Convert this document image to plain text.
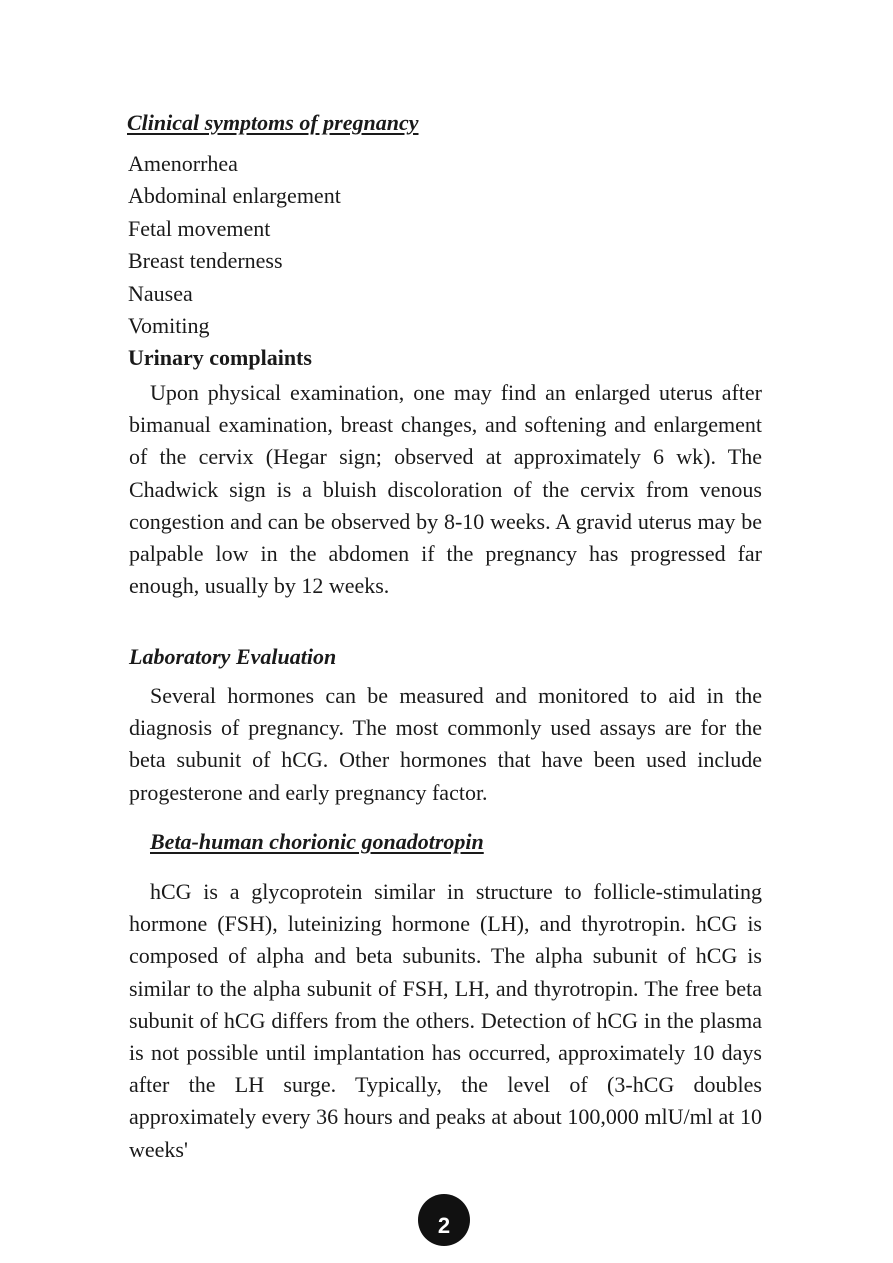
Clinical symptoms of pregnancy
Amenorrhea
Abdominal enlargement
Fetal movement
Breast tenderness
Nausea
Vomiting
Urinary complaints

Upon physical examination, one may find an enlarged uterus after bimanual examination, breast changes, and softening and enlargement of the cervix (Hegar sign; observed at approximately 6 wk). The Chadwick sign is a bluish discoloration of the cervix from venous congestion and can be observed by 8-10 weeks. A gravid uterus may be palpable low in the abdomen if the pregnancy has progressed far enough, usually by 12 weeks.

Laboratory Evaluation

Several hormones can be measured and monitored to aid in the diagnosis of pregnancy. The most commonly used assays are for the beta subunit of hCG. Other hormones that have been used include progesterone and early pregnancy factor.

Beta-human chorionic gonadotropin

hCG is a glycoprotein similar in structure to follicle-stimulating hormone (FSH), luteinizing hormone (LH), and thyrotropin. hCG is composed of alpha and beta subunits. The alpha subunit of hCG is similar to the alpha subunit of FSH, LH, and thyrotropin. The free beta subunit of hCG differs from the others. Detection of hCG in the plasma is not possible until implantation has occurred, approximately 10 days after the LH surge. Typically, the level of (3-hCG doubles approximately every 36 hours and peaks at about 100,000 mlU/ml at 10 weeks'

2
